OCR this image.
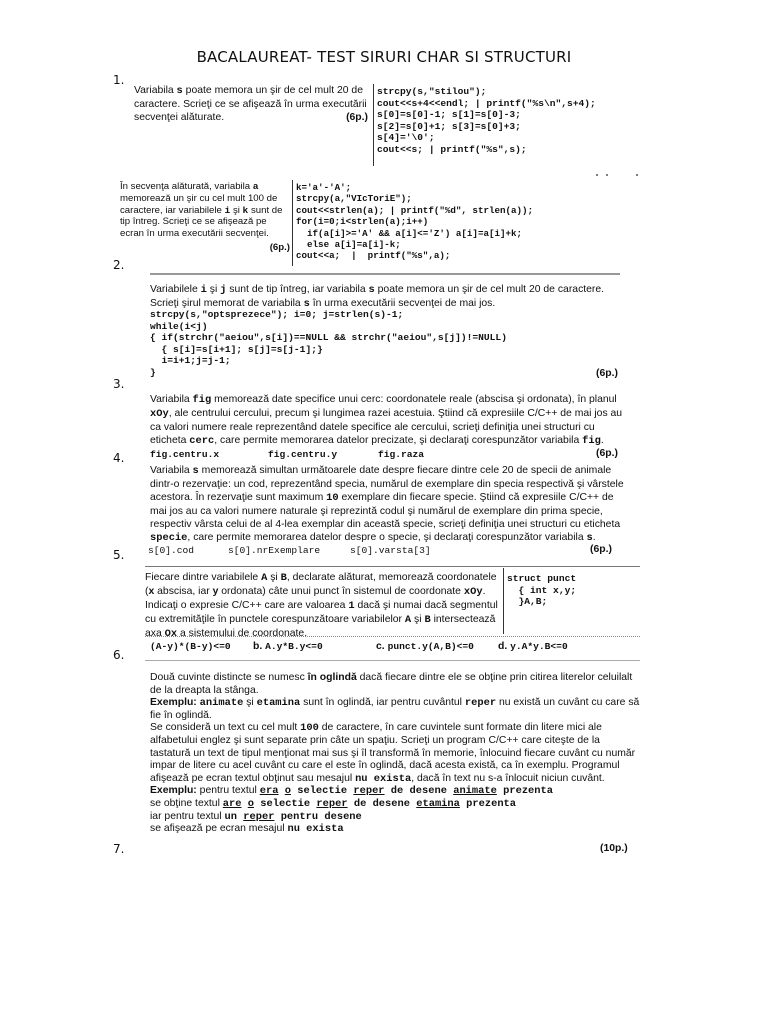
BACALAUREAT- TEST SIRURI CHAR SI STRUCTURI
1.
2.
3.
4.
5.
6.
7.
Variabila s poate memora un şir de cel mult 20 de caractere. Scrieţi ce se afişează în urma executării secvenţei alăturate.	(6p.)
strcpy(s,"stilou");
cout<<s+4<<endl; | printf("%s\n",s+4);
s[0]=s[0]-1; s[1]=s[0]-3;
s[2]=s[0]+1; s[3]=s[0]+3;
s[4]='\0';
cout<<s; | printf("%s",s);
În secvenţa alăturată, variabila a memorează un şir cu cel mult 100 de caractere, iar variabilele i şi k sunt de tip întreg. Scrieţi ce se afişează pe ecran în urma executării secvenţei.
(6p.)
k='a'-'A';
strcpy(a,"VIcToriE");
cout<<strlen(a); | printf("%d", strlen(a));
for(i=0;i<strlen(a);i++)
if(a[i]>='A' && a[i]<='Z') a[i]=a[i]+k;
else a[i]=a[i]-k;
cout<<a;  |  printf("%s",a);
Variabilele i şi j sunt de tip întreg, iar variabila s poate memora un şir de cel mult 20 de caractere.
Scrieţi şirul memorat de variabila s în urma executării secvenţei de mai jos.
strcpy(s,"optsprezece"); i=0; j=strlen(s)-1;
while(i<j)
{ if(strchr("aeiou",s[i])==NULL && strchr("aeiou",s[j])!=NULL)
{ s[i]=s[i+1]; s[j]=s[j-1];}
i=i+1;j=j-1;
}	(6p.)
Variabila fig memorează date specifice unui cerc: coordonatele reale (abscisa şi ordonata), în planul xOy, ale centrului cercului, precum şi lungimea razei acestuia. Ştiind că expresiile C/C++ de mai jos au ca valori numere reale reprezentând datele specifice ale cercului, scrieţi definiţia unei structuri cu eticheta cerc, care permite memorarea datelor precizate, şi declaraţi corespunzător variabila fig.
fig.centru.x	fig.centru.y	fig.raza	(6p.)
Variabila s memorează simultan următoarele date despre fiecare dintre cele 20 de specii de animale dintr-o rezervaţie: un cod, reprezentând specia, numărul de exemplare din specia respectivă şi vârstele acestora. În rezervaţie sunt maximum 10 exemplare din fiecare specie. Ştiind că expresiile C/C++ de mai jos au ca valori numere naturale şi reprezintă codul şi numărul de exemplare din prima specie, respectiv vârsta celui de al 4-lea exemplar din această specie, scrieţi definiţia unei structuri cu eticheta specie, care permite memorarea datelor despre o specie, şi declaraţi corespunzător variabila s.
s[0].cod	s[0].nrExemplare	s[0].varsta[3]	(6p.)
Fiecare dintre variabilele A şi B, declarate alăturat, memorează coordonatele (x abscisa, iar y ordonata) câte unui punct în sistemul de coordonate xOy. Indicaţi o expresie C/C++ care are valoarea 1 dacă şi numai dacă segmentul cu extremităţile în punctele corespunzătoare variabilelor A şi B intersectează axa Ox a sistemului de coordonate.
struct punct
{ int x,y;
}A,B;
(A-y)*(B-y)<=0 b. A.y*B.y<=0	c. punct.y(A,B)<=0 d. y.A*y.B<=0
Două cuvinte distincte se numesc în oglindă dacă fiecare dintre ele se obţine prin citirea literelor celuilalt de la dreapta la stânga.
Exemplu: animate şi etamina sunt în oglindă, iar pentru cuvântul reper nu există un cuvânt cu care să fie în oglindă.
Se consideră un text cu cel mult 100 de caractere, în care cuvintele sunt formate din litere mici ale alfabetului englez şi sunt separate prin câte un spaţiu. Scrieţi un program C/C++ care citeşte de la tastatură un text de tipul menţionat mai sus şi îl transformă în memorie, înlocuind fiecare cuvânt cu număr impar de litere cu acel cuvânt cu care el este în oglindă, dacă acesta există, ca în exemplu. Programul afişează pe ecran textul obţinut sau mesajul nu exista, dacă în text nu s-a înlocuit niciun cuvânt.
Exemplu: pentru textul era o selectie reper de desene animate prezenta
se obţine textul are o selectie reper de desene etamina prezenta
iar pentru textul un reper pentru desene
se afişează pe ecran mesajul nu exista
(10p.)
